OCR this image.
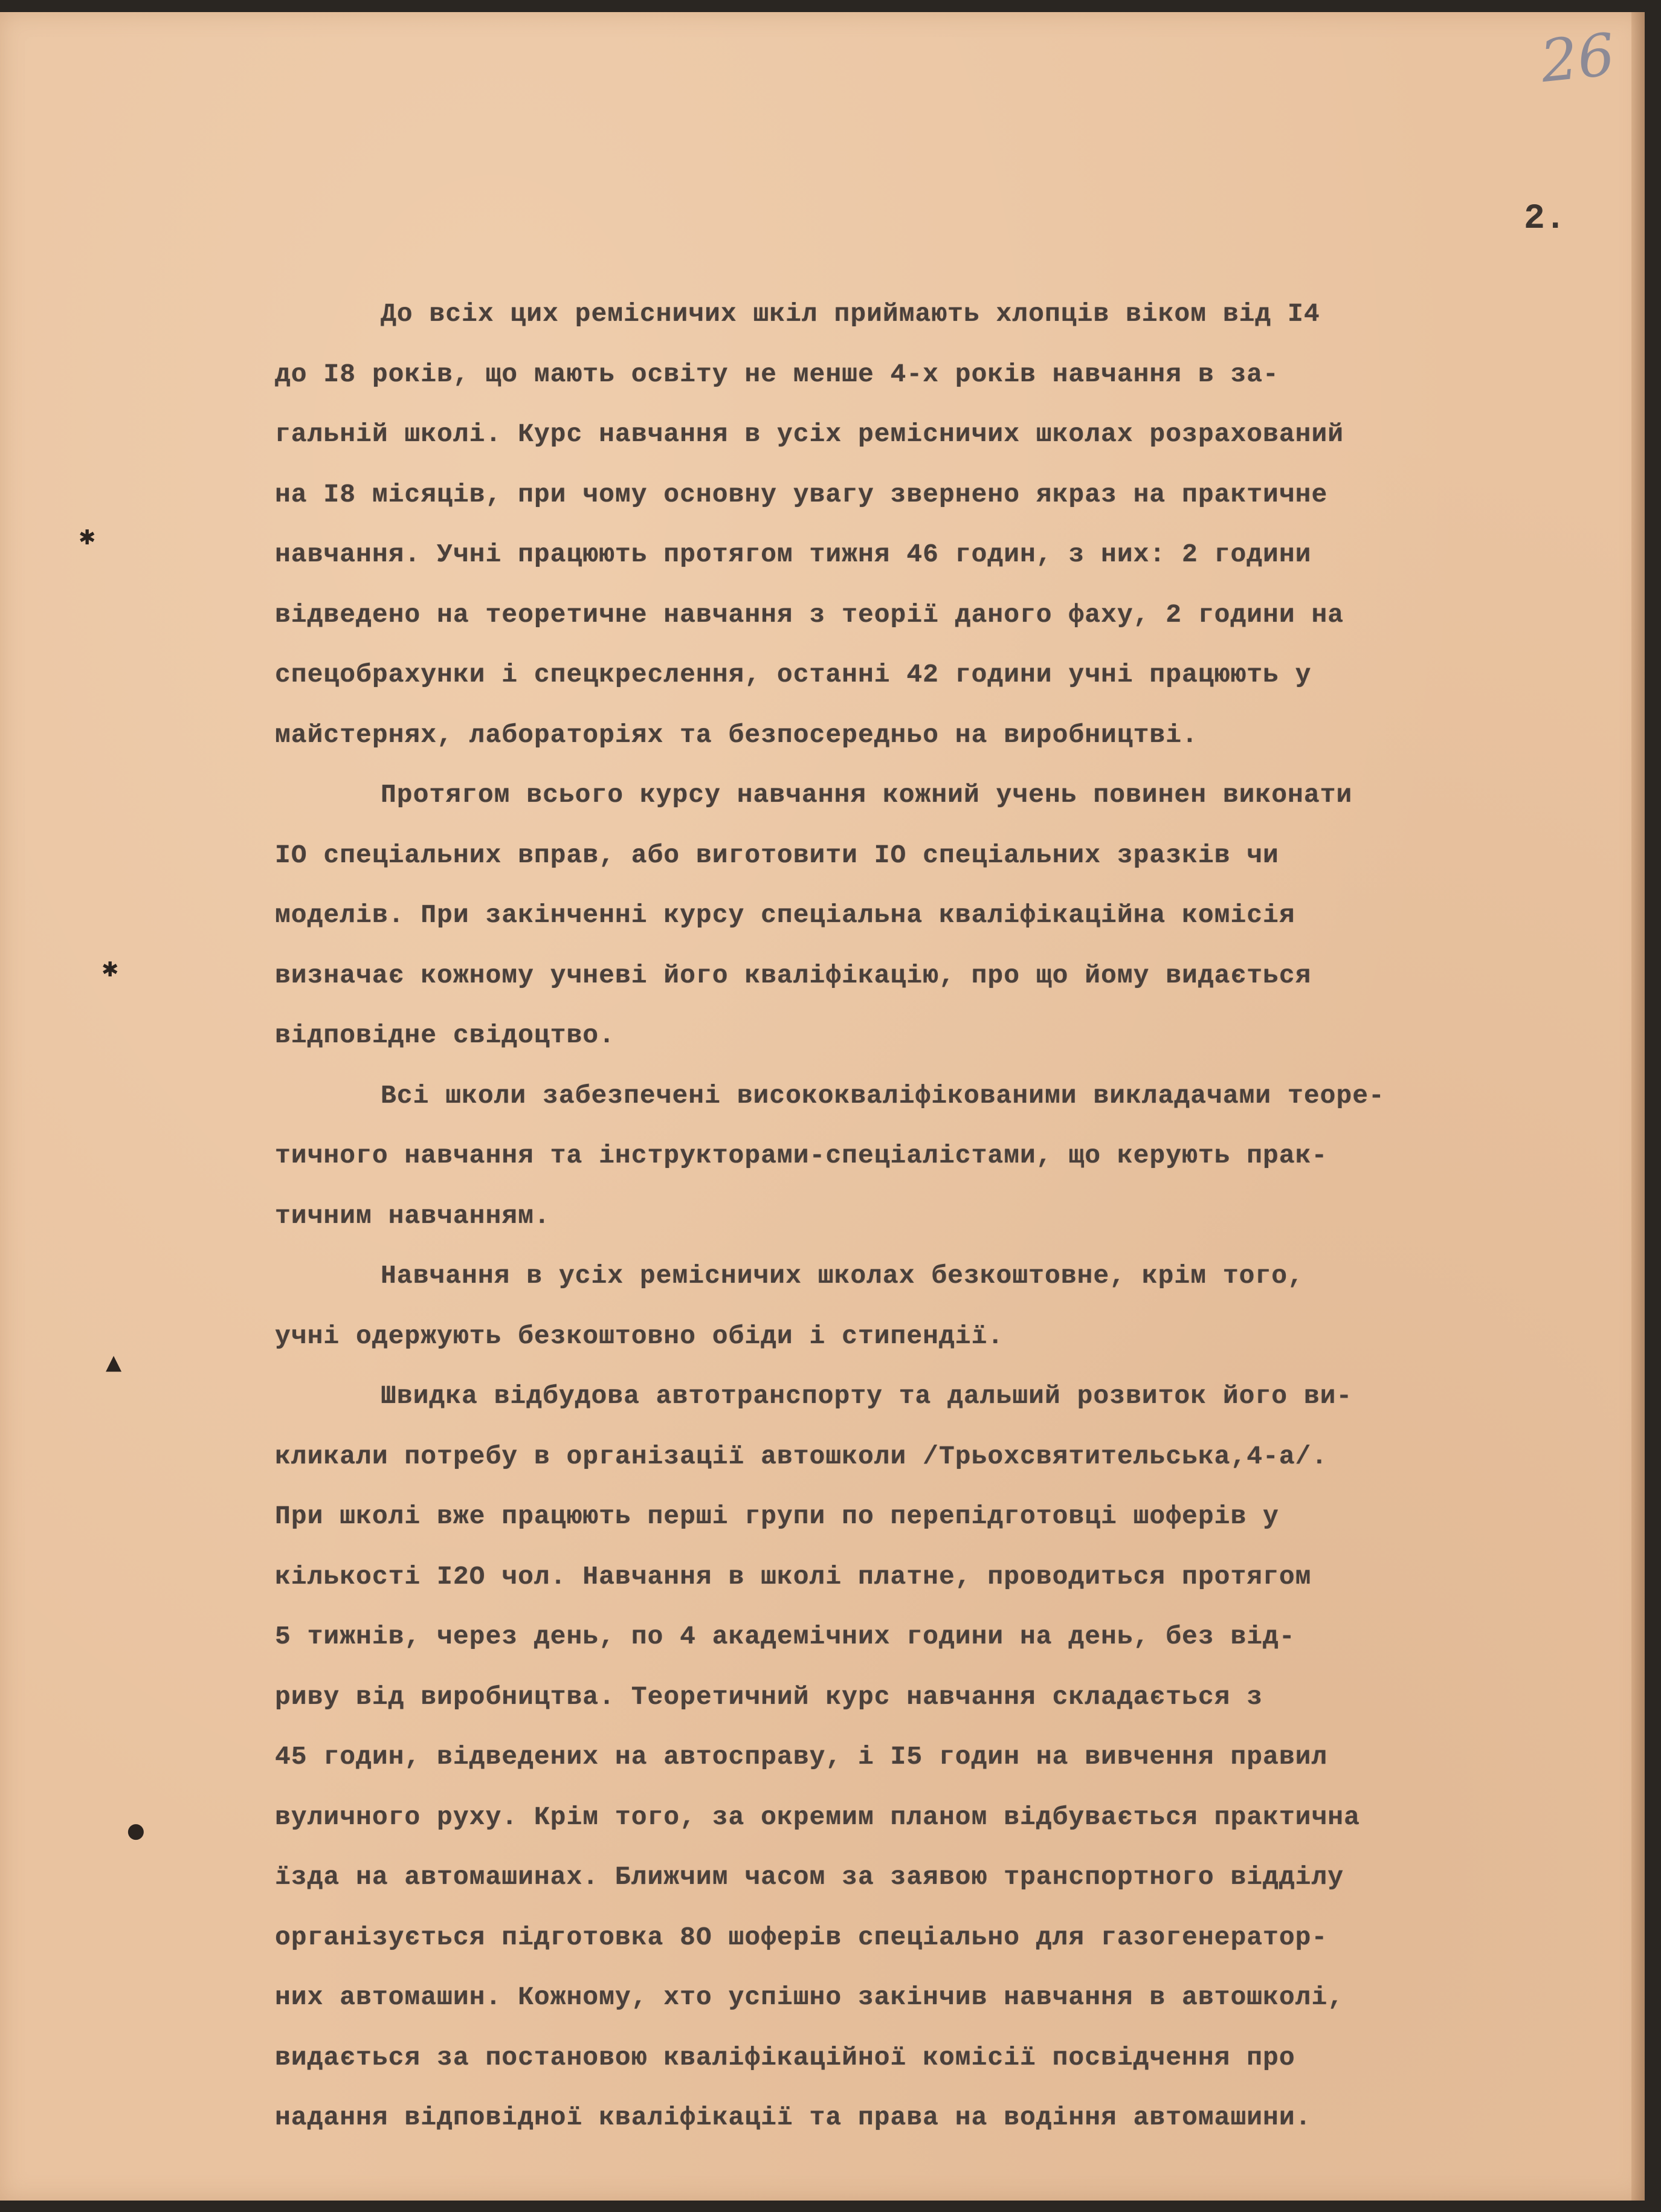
26
2.
✱
✱
▲
●
До всіх цих ремісничих шкіл приймають хлопців віком від I4
до I8 років, що мають освіту не менше 4-х років навчання в за-
гальній школі. Курс навчання в усіх ремісничих школах розрахований
на I8 місяців, при чому основну увагу звернено якраз на практичне
навчання. Учні працюють протягом тижня 46 годин, з них: 2 години
відведено на теоретичне навчання з теорії даного фаху, 2 години на
спецобрахунки і спецкреслення, останні 42 години учні працюють у
майстернях, лабораторіях та безпосередньо на виробництві.
Протягом всього курсу навчання кожний учень повинен виконати
IO спеціальних вправ, або виготовити IO спеціальних зразків чи
моделів. При закінченні курсу спеціальна кваліфікаційна комісія
визначає кожному учневі його кваліфікацію, про що йому видається
відповідне свідоцтво.
Всі школи забезпечені висококваліфікованими викладачами теоре-
тичного навчання та інструкторами-спеціалістами, що керують прак-
тичним навчанням.
Навчання в усіх ремісничих школах безкоштовне, крім того,
учні одержують безкоштовно обіди і стипендії.
Швидка відбудова автотранспорту та дальший розвиток його ви-
кликали потребу в організації автошколи /Трьохсвятительська,4-а/.
При школі вже працюють перші групи по перепідготовці шоферів у
кількості I2O чол. Навчання в школі платне, проводиться протягом
5 тижнів, через день, по 4 академічних години на день, без від-
риву від виробництва. Теоретичний курс навчання складається з
45 годин, відведених на автосправу, і I5 годин на вивчення правил
вуличного руху. Крім того, за окремим планом відбувається практична
їзда на автомашинах. Ближчим часом за заявою транспортного відділу
організується підготовка 8O шоферів спеціально для газогенератор-
них автомашин. Кожному, хто успішно закінчив навчання в автошколі,
видається за постановою кваліфікаційної комісії посвідчення про
надання відповідної кваліфікації та права на водіння автомашини.
